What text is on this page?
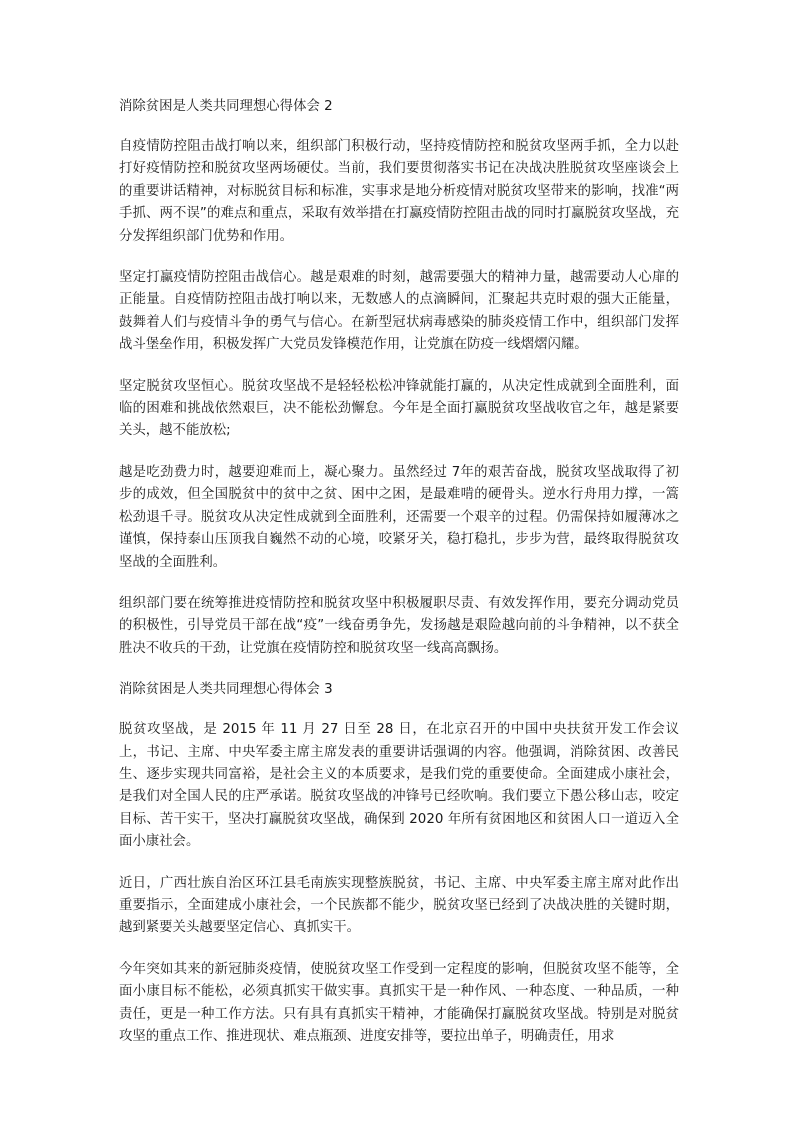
消除贫困是人类共同理想心得体会 2

自疫情防控阻击战打响以来，组织部门积极行动，坚持疫情防控和脱贫攻坚两手抓，全力以赴打好疫情防控和脱贫攻坚两场硬仗。当前，我们要贯彻落实书记在决战决胜脱贫攻坚座谈会上的重要讲话精神，对标脱贫目标和标准，实事求是地分析疫情对脱贫攻坚带来的影响，找准“两手抓、两不误”的难点和重点，采取有效举措在打赢疫情防控阻击战的同时打赢脱贫攻坚战，充分发挥组织部门优势和作用。

坚定打赢疫情防控阻击战信心。越是艰难的时刻，越需要强大的精神力量，越需要动人心扉的正能量。自疫情防控阻击战打响以来，无数感人的点滴瞬间，汇聚起共克时艰的强大正能量，鼓舞着人们与疫情斗争的勇气与信心。在新型冠状病毒感染的肺炎疫情工作中，组织部门发挥战斗堡垒作用，积极发挥广大党员发锋模范作用，让党旗在防疫一线熠熠闪耀。

坚定脱贫攻坚恒心。脱贫攻坚战不是轻轻松松冲锋就能打赢的，从决定性成就到全面胜利，面临的困难和挑战依然艰巨，决不能松劲懈怠。今年是全面打赢脱贫攻坚战收官之年，越是紧要关头，越不能放松;

越是吃劲费力时，越要迎难而上，凝心聚力。虽然经过 7年的艰苦奋战，脱贫攻坚战取得了初步的成效，但全国脱贫中的贫中之贫、困中之困，是最难啃的硬骨头。逆水行舟用力撑，一篙松劲退千寻。脱贫攻从决定性成就到全面胜利，还需要一个艰辛的过程。仍需保持如履薄冰之谨慎，保持泰山压顶我自巍然不动的心境，咬紧牙关，稳打稳扎，步步为营，最终取得脱贫攻坚战的全面胜利。

组织部门要在统筹推进疫情防控和脱贫攻坚中积极履职尽责、有效发挥作用，要充分调动党员的积极性，引导党员干部在战“疫”一线奋勇争先，发扬越是艰险越向前的斗争精神，以不获全胜决不收兵的干劲，让党旗在疫情防控和脱贫攻坚一线高高飘扬。

消除贫困是人类共同理想心得体会 3

脱贫攻坚战，是 2015 年 11 月 27 日至 28 日，在北京召开的中国中央扶贫开发工作会议上，书记、主席、中央军委主席主席发表的重要讲话强调的内容。他强调，消除贫困、改善民生、逐步实现共同富裕，是社会主义的本质要求，是我们党的重要使命。全面建成小康社会，是我们对全国人民的庄严承诺。脱贫攻坚战的冲锋号已经吹响。我们要立下愚公移山志，咬定目标、苦干实干，坚决打赢脱贫攻坚战，确保到 2020 年所有贫困地区和贫困人口一道迈入全面小康社会。

近日，广西壮族自治区环江县毛南族实现整族脱贫，书记、主席、中央军委主席主席对此作出重要指示，全面建成小康社会，一个民族都不能少，脱贫攻坚已经到了决战决胜的关键时期，越到紧要关头越要坚定信心、真抓实干。

今年突如其来的新冠肺炎疫情，使脱贫攻坚工作受到一定程度的影响，但脱贫攻坚不能等，全面小康目标不能松，必须真抓实干做实事。真抓实干是一种作风、一种态度、一种品质，一种责任，更是一种工作方法。只有具有真抓实干精神，才能确保打赢脱贫攻坚战。特别是对脱贫攻坚的重点工作、推进现状、难点瓶颈、进度安排等，要拉出单子，明确责任，用求
